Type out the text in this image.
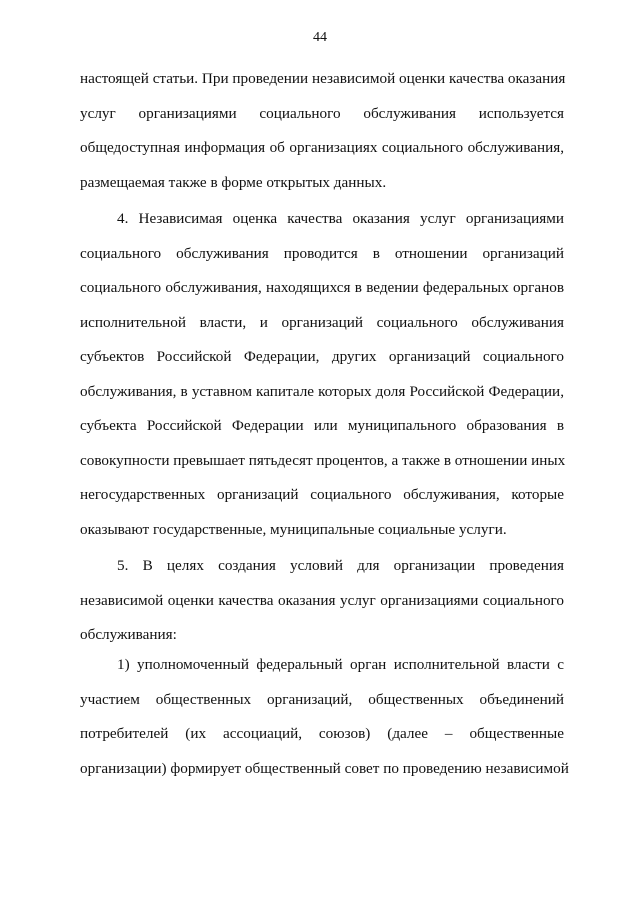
44
настоящей статьи. При проведении независимой оценки качества оказания
услуг организациями социального обслуживания используется
общедоступная информация об организациях социального обслуживания,
размещаемая также в форме открытых данных.
4. Независимая оценка качества оказания услуг организациями
социального обслуживания проводится в отношении организаций
социального обслуживания, находящихся в ведении федеральных органов
исполнительной власти, и организаций социального обслуживания
субъектов Российской Федерации, других организаций социального
обслуживания, в уставном капитале которых доля Российской Федерации,
субъекта Российской Федерации или муниципального образования в
совокупности превышает пятьдесят процентов, а также в отношении иных
негосударственных организаций социального обслуживания, которые
оказывают государственные, муниципальные социальные услуги.
5. В целях создания условий для организации проведения
независимой оценки качества оказания услуг организациями социального
обслуживания:
1) уполномоченный федеральный орган исполнительной власти с
участием общественных организаций, общественных объединений
потребителей (их ассоциаций, союзов) (далее – общественные
организации) формирует общественный совет по проведению независимой
